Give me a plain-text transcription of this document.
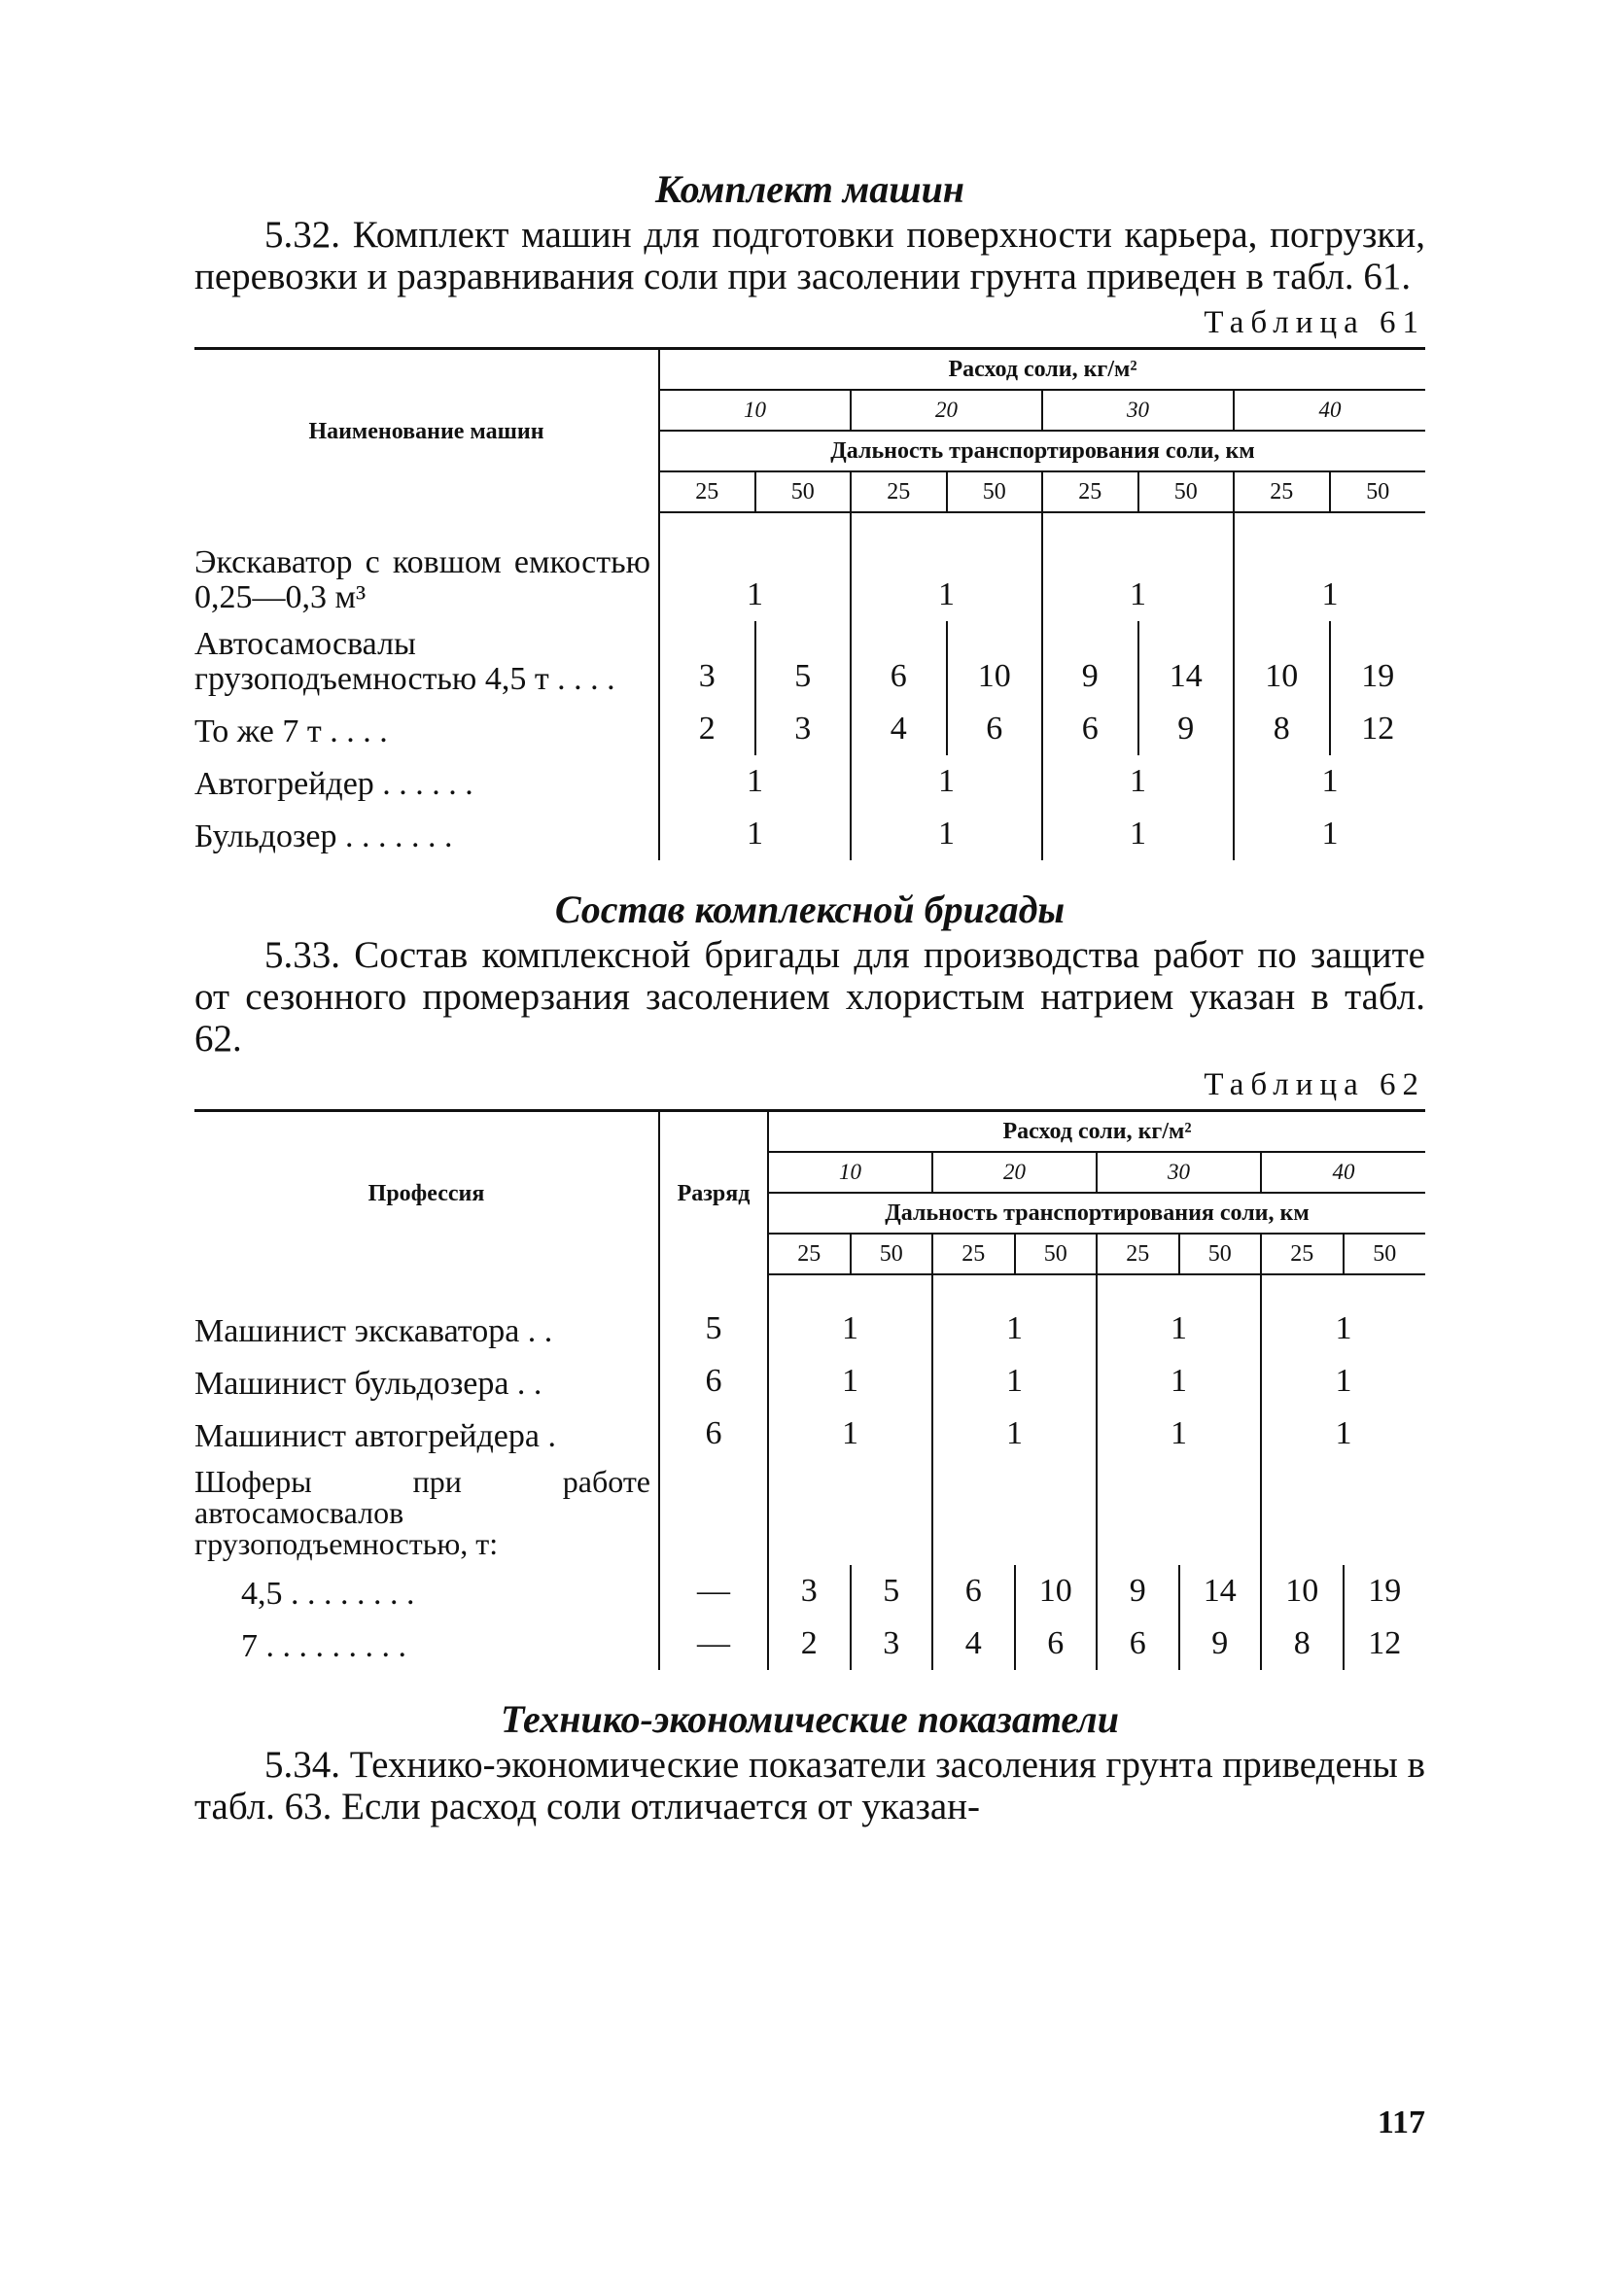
Комплект машин

5.32. Комплект машин для подготовки поверхности карьера, погрузки, перевозки и разравнивания соли при засолении грунта приведен в табл. 61.

Таблица 61
Наименование машин	Расход соли, кг/м²							
	10		20		30		40	
	Дальность транспортирования соли, км							
	25	50	25	50	25	50	25	50
Экскаватор с ковшом емкостью 0,25—0,3 м³	1		1		1		1	
Автосамосвалы грузоподъемностью 4,5 т . . . .	3	5	6	10	9	14	10	19
То же 7 т . . . .	2	3	4	6	6	9	8	12
Автогрейдер . . . . . .	1		1		1		1	
Бульдозер . . . . . . .	1		1		1		1	
Состав комплексной бригады

5.33. Состав комплексной бригады для производства работ по защите от сезонного промерзания засолением хлористым натрием указан в табл. 62.

Таблица 62
Профессия	Разряд	Расход соли, кг/м²							
		10		20		30		40	
		Дальность транспортирования соли, км							
		25	50	25	50	25	50	25	50
Машинист экскаватора . .	5	1		1		1		1	
Машинист бульдозера . .	6	1		1		1		1	
Машинист автогрейдера .	6	1		1		1		1	
Шоферы при работе автосамосвалов грузоподъемностью, т:									
4,5 . . . . . . . .	—	3	5	6	10	9	14	10	19
7 . . . . . . . . .	—	2	3	4	6	6	9	8	12
Технико-экономические показатели

5.34. Технико-экономические показатели засоления грунта приведены в табл. 63. Если расход соли отличается от указан-

117
